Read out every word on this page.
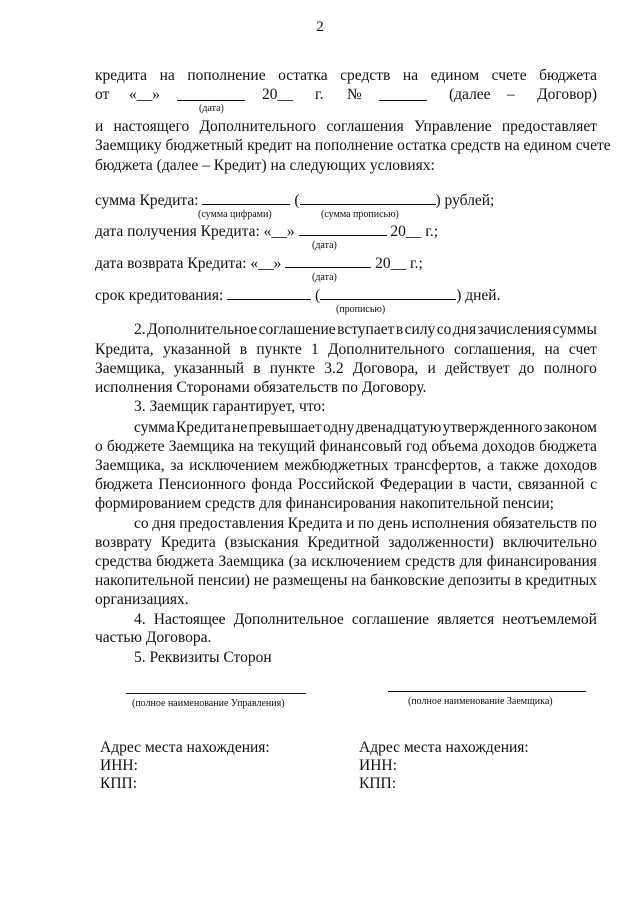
2
кредита на пополнение остатка средств на едином счете бюджета
от «__»	20__ г. №	(далее – Договор)
(дата)
и настоящего Дополнительного соглашения Управление предоставляет
Заемщику бюджетный кредит на пополнение остатка средств на едином счете
бюджета (далее – Кредит) на следующих условиях:
сумма Кредита:	(	) рублей;
(сумма цифрами)	(сумма прописью)
дата получения Кредита: «__»	20__ г.;
(дата)
дата возврата Кредита: «__»	20__ г.;
(дата)
срок кредитования:	(	) дней.
(прописью)
2. Дополнительное соглашение вступает в силу со дня зачисления суммы
Кредита, указанной в пункте 1 Дополнительного соглашения, на счет
Заемщика, указанный в пункте 3.2 Договора, и действует до полного
исполнения Сторонами обязательств по Договору.
3. Заемщик гарантирует, что:
сумма Кредита не превышает одну двенадцатую утвержденного законом
о бюджете Заемщика на текущий финансовый год объема доходов бюджета
Заемщика, за исключением межбюджетных трансфертов, а также доходов
бюджета Пенсионного фонда Российской Федерации в части, связанной с
формированием средств для финансирования накопительной пенсии;
со дня предоставления Кредита и по день исполнения обязательств по
возврату Кредита (взыскания Кредитной задолженности) включительно
средства бюджета Заемщика (за исключением средств для финансирования
накопительной пенсии) не размещены на банковские депозиты в кредитных
организациях.
4. Настоящее Дополнительное соглашение является неотъемлемой
частью Договора.
5. Реквизиты Сторон
(полное наименование Управления)	(полное наименование Заемщика)
Адрес места нахождения:
ИНН:
КПП:
Адрес места нахождения:
ИНН:
КПП:
